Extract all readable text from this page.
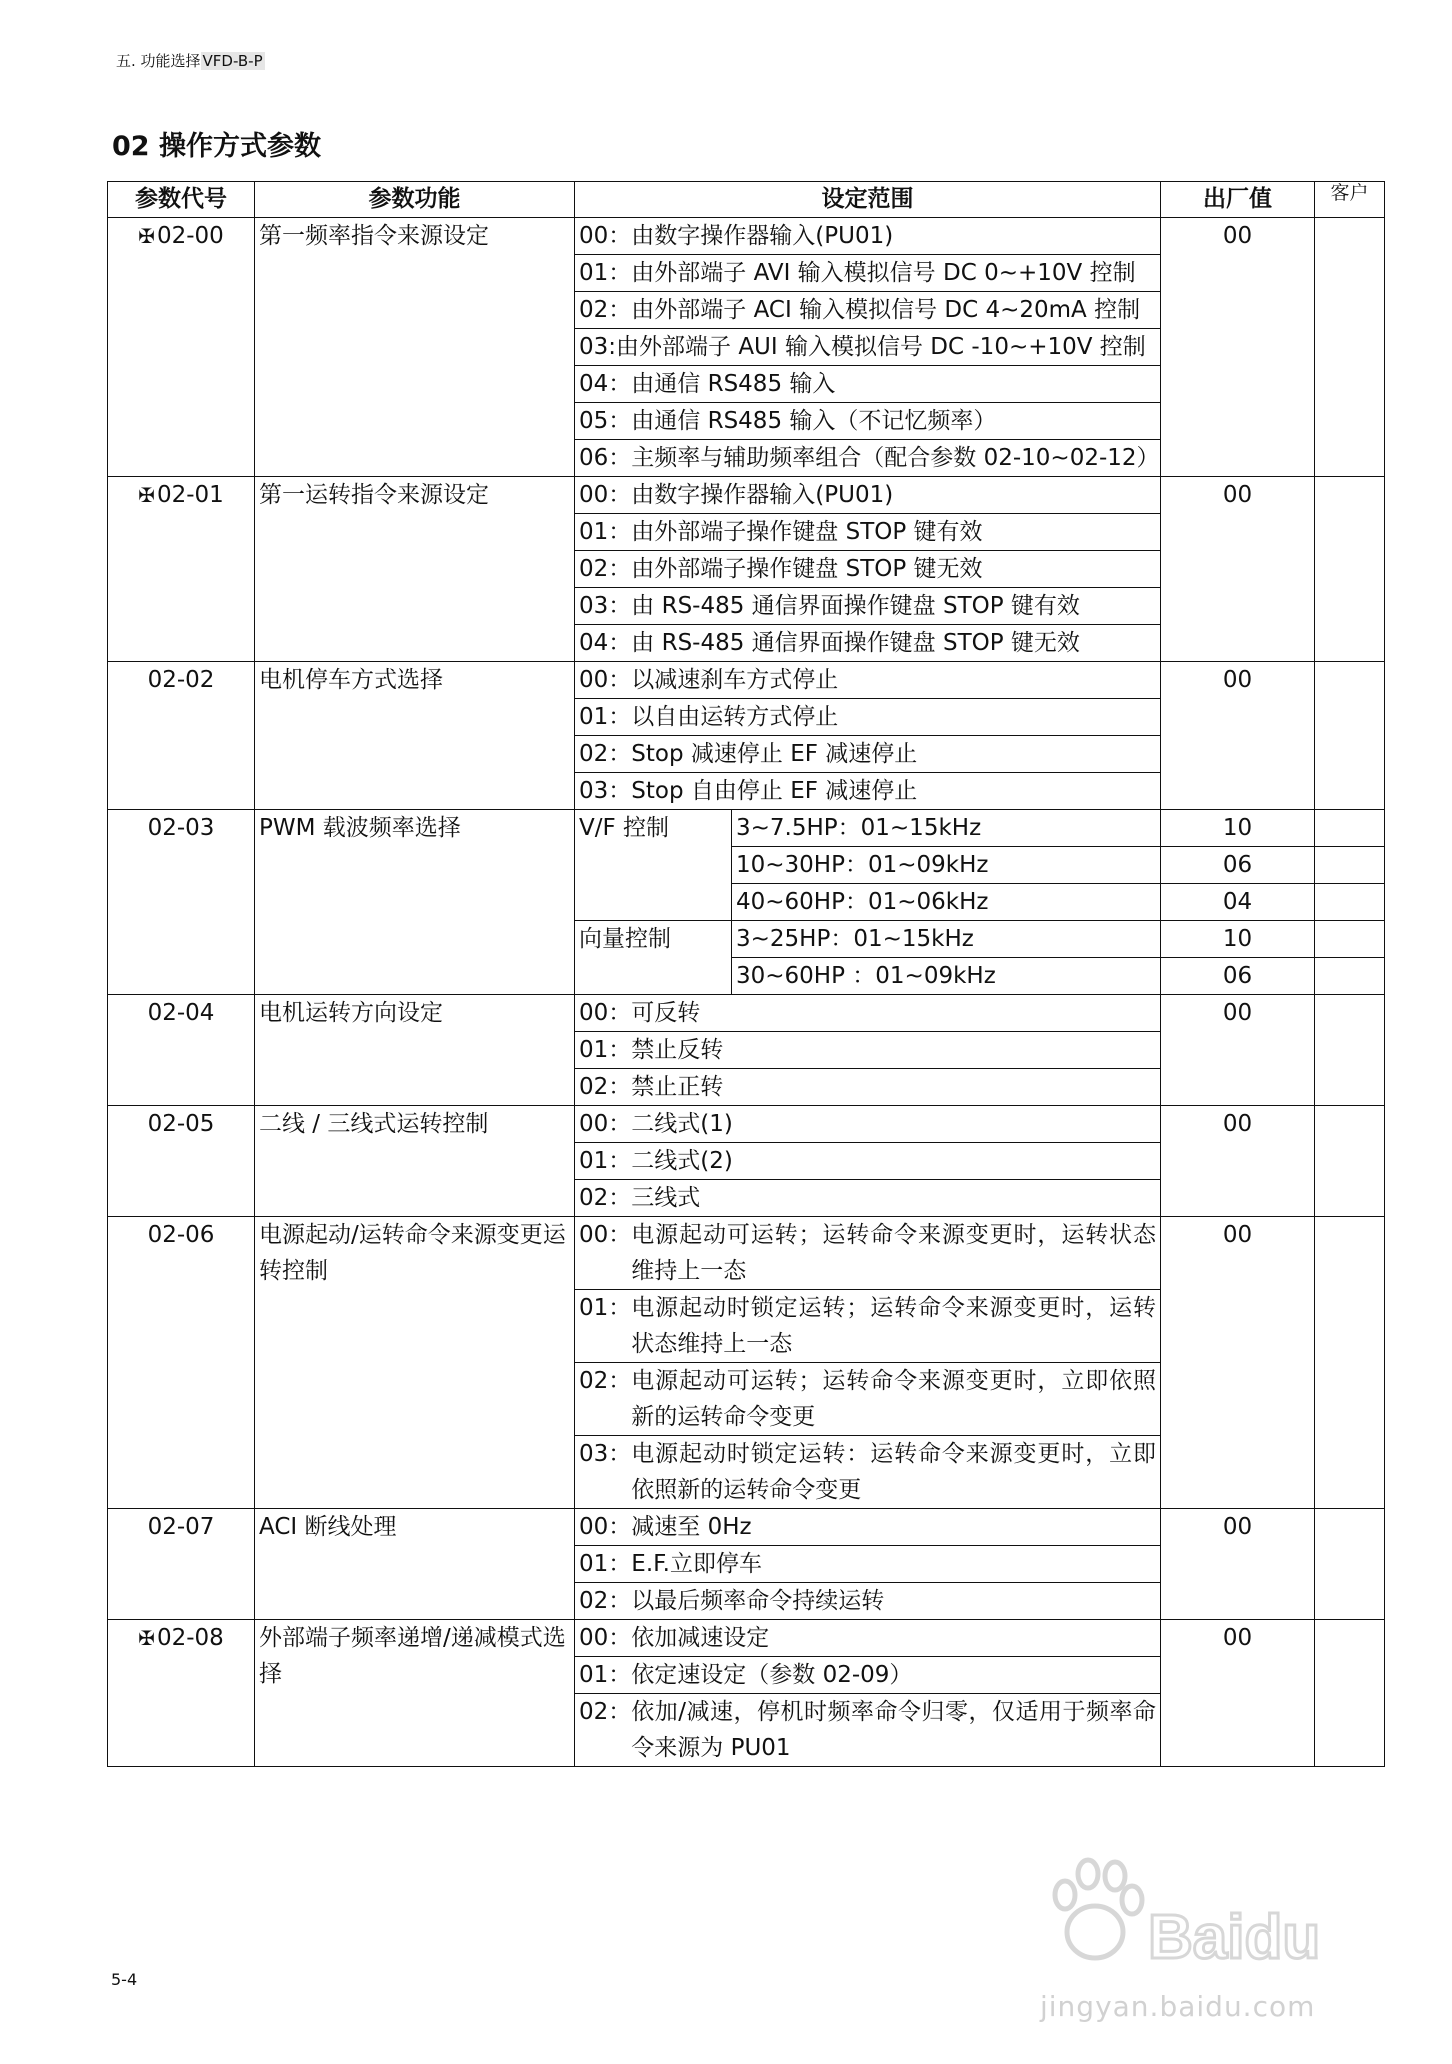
五. 功能选择 VFD-B-P
02 操作方式参数
参数代号	参数功能	设定范围		出厂值	客户
✠02-00	第一频率指令来源设定	00： 由数字操作器输入(PU01)		00	

		01： 由外部端子 AVI 输入模拟信号 DC 0~+10V 控制			

		02： 由外部端子 ACI 输入模拟信号 DC 4~20mA 控制			

		03: 由外部端子 AUI 输入模拟信号 DC -10~+10V 控制			

		04： 由通信 RS485 输入			

		05： 由通信 RS485 输入（不记忆频率）			

		06： 主频率与辅助频率组合（配合参数 02-10~02-12）			

✠02-01	第一运转指令来源设定	00： 由数字操作器输入(PU01)		00	

		01： 由外部端子操作键盘 STOP 键有效			

		02： 由外部端子操作键盘 STOP 键无效			

		03： 由 RS-485 通信界面操作键盘 STOP 键有效			

		04： 由 RS-485 通信界面操作键盘 STOP 键无效			

02-02	电机停车方式选择	00： 以减速刹车方式停止		00	

		01： 以自由运转方式停止			

		02： Stop 减速停止 EF 减速停止			

		03： Stop 自由停止 EF 减速停止			

02-03	PWM 载波频率选择	V/F 控制	3~7.5HP：01~15kHz	10	
			10~30HP：01~09kHz	06	
			40~60HP：01~06kHz	04	
		向量控制	3~25HP：01~15kHz	10	
			30~60HP ：01~09kHz	06	
02-04	电机运转方向设定	00： 可反转		00	

		01： 禁止反转			

		02： 禁止正转			

02-05	二线 / 三线式运转控制	00： 二线式(1)		00	

		01： 二线式(2)			

		02： 三线式			

02-06	电源起动/运转命令来源变更运转控制	00： 电源起动可运转；运转命令来源变更时，运转状态维持上一态		00	

		01： 电源起动时锁定运转；运转命令来源变更时，运转状态维持上一态			

		02： 电源起动可运转；运转命令来源变更时，立即依照新的运转命令变更			

		03： 电源起动时锁定运转：运转命令来源变更时，立即依照新的运转命令变更			

02-07	ACI 断线处理	00： 减速至 0Hz		00	

		01： E.F.立即停车			

		02： 以最后频率命令持续运转			

✠02-08	外部端子频率递增/递减模式选择	00： 依加减速设定		00	

		01： 依定速设定（参数 02-09）			

		02： 依加/减速，停机时频率命令归零，仅适用于频率命令来源为 PU01			
5-4
Baidu
jingyan.baidu.com
